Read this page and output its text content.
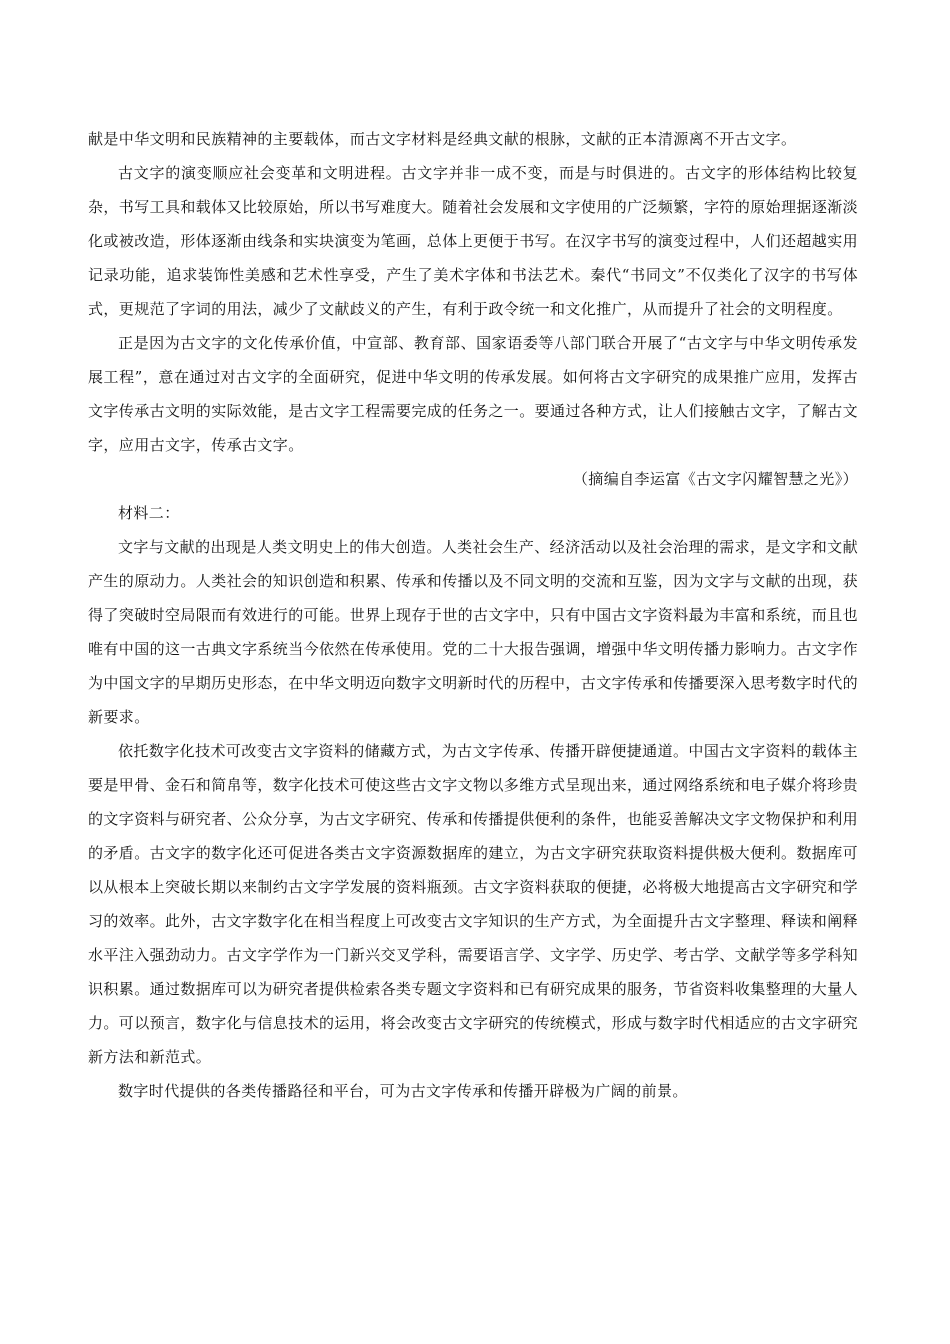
献是中华文明和民族精神的主要载体，而古文字材料是经典文献的根脉，文献的正本清源离不开古文字。

古文字的演变顺应社会变革和文明进程。古文字并非一成不变，而是与时俱进的。古文字的形体结构比较复杂，书写工具和载体又比较原始，所以书写难度大。随着社会发展和文字使用的广泛频繁，字符的原始理据逐渐淡化或被改造，形体逐渐由线条和实块演变为笔画，总体上更便于书写。在汉字书写的演变过程中，人们还超越实用记录功能，追求装饰性美感和艺术性享受，产生了美术字体和书法艺术。秦代“书同文”不仅类化了汉字的书写体式，更规范了字词的用法，减少了文献歧义的产生，有利于政令统一和文化推广，从而提升了社会的文明程度。

正是因为古文字的文化传承价值，中宣部、教育部、国家语委等八部门联合开展了“古文字与中华文明传承发展工程”，意在通过对古文字的全面研究，促进中华文明的传承发展。如何将古文字研究的成果推广应用，发挥古文字传承古文明的实际效能，是古文字工程需要完成的任务之一。要通过各种方式，让人们接触古文字，了解古文字，应用古文字，传承古文字。

（摘编自李运富《古文字闪耀智慧之光》）

材料二：

文字与文献的出现是人类文明史上的伟大创造。人类社会生产、经济活动以及社会治理的需求，是文字和文献产生的原动力。人类社会的知识创造和积累、传承和传播以及不同文明的交流和互鉴，因为文字与文献的出现，获得了突破时空局限而有效进行的可能。世界上现存于世的古文字中，只有中国古文字资料最为丰富和系统，而且也唯有中国的这一古典文字系统当今依然在传承使用。党的二十大报告强调，增强中华文明传播力影响力。古文字作为中国文字的早期历史形态，在中华文明迈向数字文明新时代的历程中，古文字传承和传播要深入思考数字时代的新要求。

依托数字化技术可改变古文字资料的储藏方式，为古文字传承、传播开辟便捷通道。中国古文字资料的载体主要是甲骨、金石和简帛等，数字化技术可使这些古文字文物以多维方式呈现出来，通过网络系统和电子媒介将珍贵的文字资料与研究者、公众分享，为古文字研究、传承和传播提供便利的条件，也能妥善解决文字文物保护和利用的矛盾。古文字的数字化还可促进各类古文字资源数据库的建立，为古文字研究获取资料提供极大便利。数据库可以从根本上突破长期以来制约古文字学发展的资料瓶颈。古文字资料获取的便捷，必将极大地提高古文字研究和学习的效率。此外，古文字数字化在相当程度上可改变古文字知识的生产方式，为全面提升古文字整理、释读和阐释水平注入强劲动力。古文字学作为一门新兴交叉学科，需要语言学、文字学、历史学、考古学、文献学等多学科知识积累。通过数据库可以为研究者提供检索各类专题文字资料和已有研究成果的服务，节省资料收集整理的大量人力。可以预言，数字化与信息技术的运用，将会改变古文字研究的传统模式，形成与数字时代相适应的古文字研究新方法和新范式。

数字时代提供的各类传播路径和平台，可为古文字传承和传播开辟极为广阔的前景。
